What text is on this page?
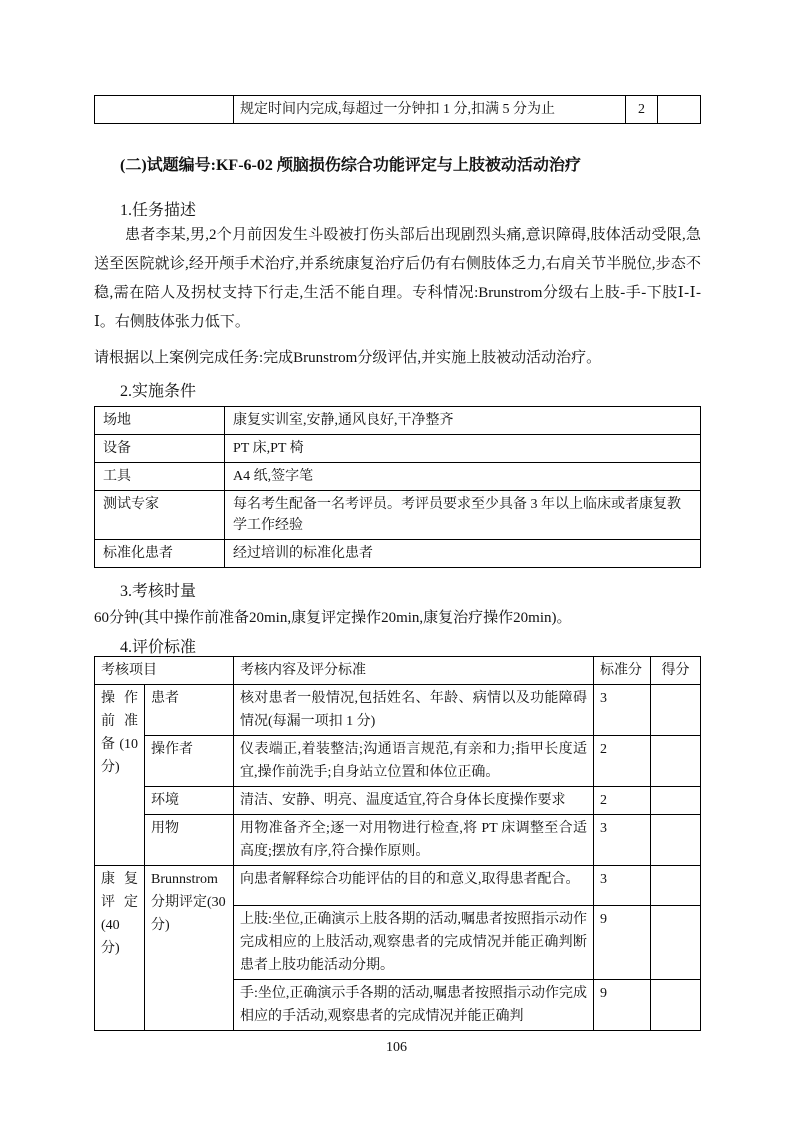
	规定时间内完成,每超过一分钟扣 1 分,扣满 5 分为止	2	
(二)试题编号:KF-6-02 颅脑损伤综合功能评定与上肢被动活动治疗
1.任务描述
患者李某,男,2个月前因发生斗殴被打伤头部后出现剧烈头痛,意识障碍,肢体活动受限,急送至医院就诊,经开颅手术治疗,并系统康复治疗后仍有右侧肢体乏力,右肩关节半脱位,步态不稳,需在陪人及拐杖支持下行走,生活不能自理。专科情况:Brunstrom分级右上肢-手-下肢Ⅰ-Ⅰ-Ⅰ。右侧肢体张力低下。
请根据以上案例完成任务:完成Brunstrom分级评估,并实施上肢被动活动治疗。
2.实施条件
场地	康复实训室,安静,通风良好,干净整齐
设备	PT 床,PT 椅
工具	A4 纸,签字笔
测试专家	每名考生配备一名考评员。考评员要求至少具备 3 年以上临床或者康复教学工作经验
标准化患者	经过培训的标准化患者
3.考核时量
60分钟(其中操作前准备20min,康复评定操作20min,康复治疗操作20min)。
4.评价标准
考核项目		考核内容及评分标准	标准分	得分
操作前准备(10分)	患者	核对患者一般情况,包括姓名、年龄、病情以及功能障碍情况(每漏一项扣 1 分)	3	
	操作者	仪表端正,着装整洁;沟通语言规范,有亲和力;指甲长度适宜,操作前洗手;自身站立位置和体位正确。	2	
	环境	清洁、安静、明亮、温度适宜,符合身体长度操作要求	2	
	用物	用物准备齐全;逐一对用物进行检查,将 PT 床调整至合适高度;摆放有序,符合操作原则。	3	
康复评定(40分)	Brunnstrom分期评定(30 分)	向患者解释综合功能评估的目的和意义,取得患者配合。	3	
		上肢:坐位,正确演示上肢各期的活动,嘱患者按照指示动作完成相应的上肢活动,观察患者的完成情况并能正确判断患者上肢功能活动分期。	9	
		手:坐位,正确演示手各期的活动,嘱患者按照指示动作完成相应的手活动,观察患者的完成情况并能正确判	9	
106
